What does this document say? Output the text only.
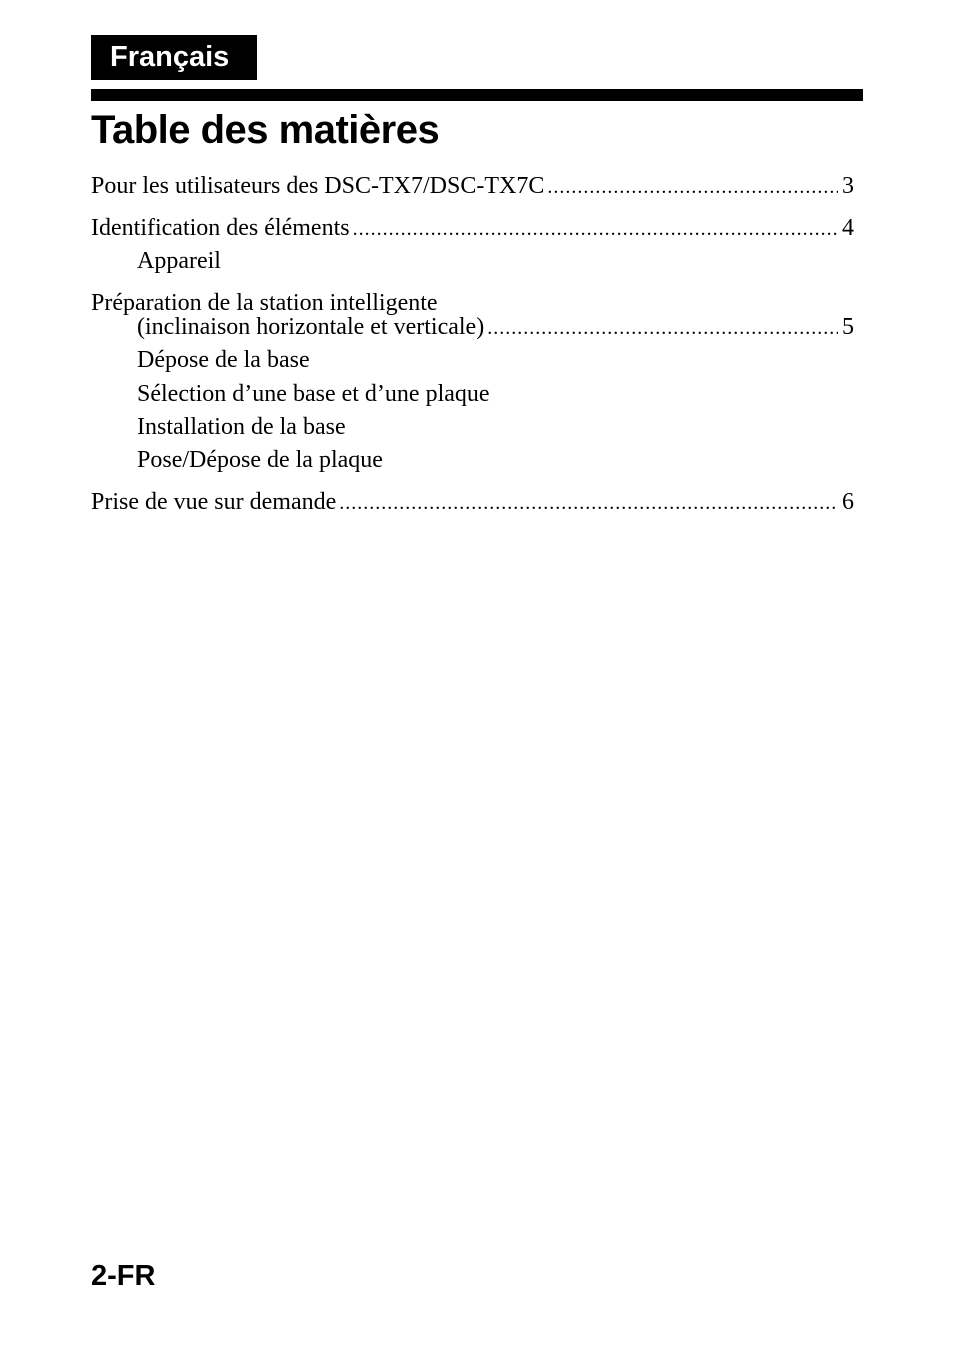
Français
Table des matières
Pour les utilisateurs des DSC-TX7/DSC-TX7C .....	3
Identification des éléments .....	4
Appareil
Préparation de la station intelligente
(inclinaison horizontale et verticale) .....	5
Dépose de la base
Sélection d’une base et d’une plaque
Installation de la base
Pose/Dépose de la plaque
Prise de vue sur demande .....	6
2-FR
